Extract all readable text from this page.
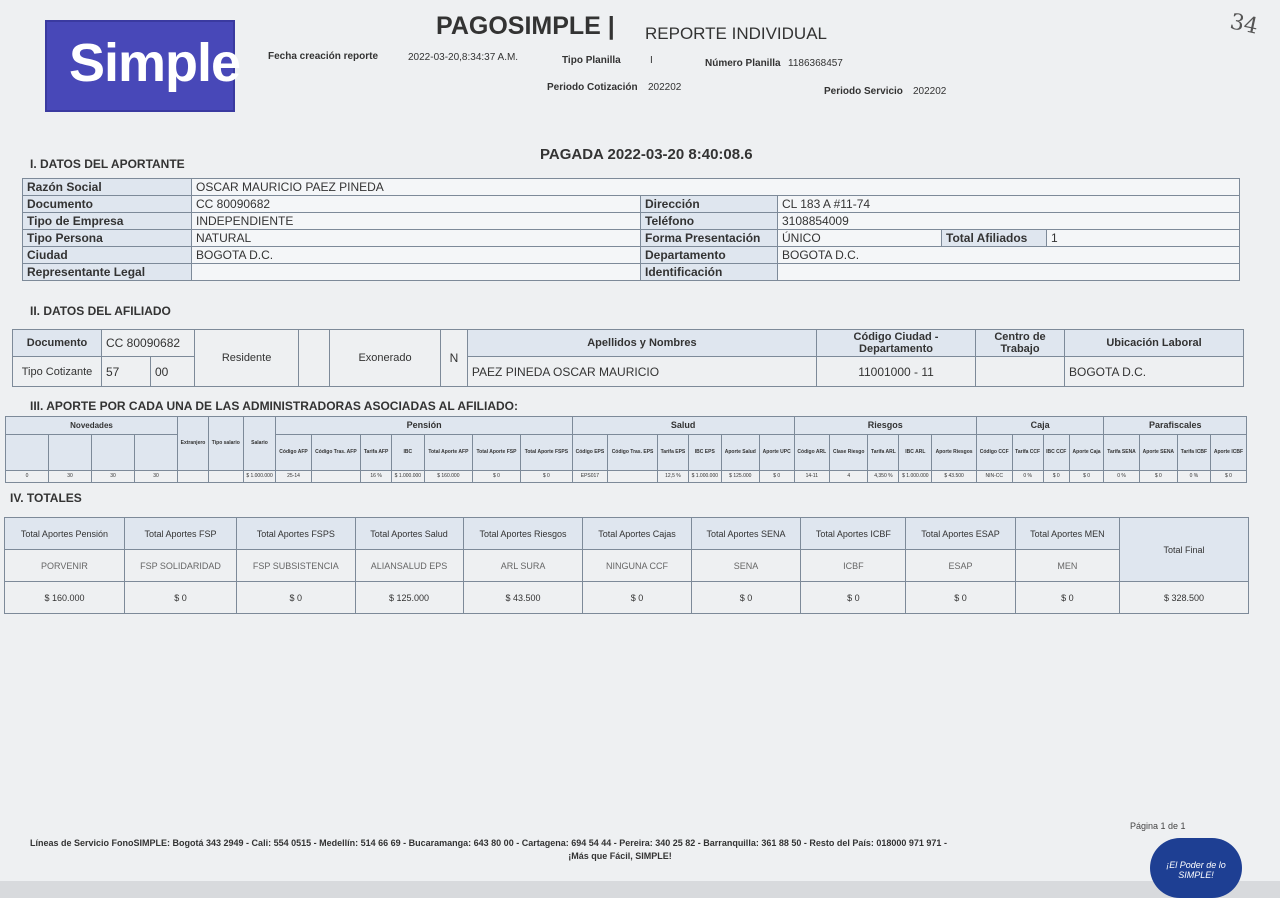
Simple
PAGOSIMPLE | REPORTE INDIVIDUAL	34
Fecha creación reporte	2022-03-20,8:34:37 A.M.	Tipo Planilla	I	Número Planilla 1186368457
Periodo Cotización 202202	Periodo Servicio 202202
PAGADA 2022-03-20 8:40:08.6
I. DATOS DEL APORTANTE
Razón Social	OSCAR MAURICIO PAEZ PINEDA				
Documento	CC 80090682	Dirección	CL 183 A #11-74		
Tipo de Empresa	INDEPENDIENTE	Teléfono	3108854009		
Tipo Persona	NATURAL	Forma Presentación	ÚNICO	Total Afiliados	1
Ciudad	BOGOTA D.C.	Departamento	BOGOTA D.C.		
Representante Legal		Identificación			
II. DATOS DEL AFILIADO
Documento	CC 80090682		Residente		Exonerado	N	Apellidos y Nombres	Código Ciudad - Departamento	Centro de Trabajo	Ubicación Laboral
Tipo Cotizante	57	00					PAEZ PINEDA OSCAR MAURICIO	11001000 - 11		BOGOTA D.C.
III. APORTE POR CADA UNA DE LAS ADMINISTRADORAS ASOCIADAS AL AFILIADO:
Novedades				Extranjero	Tipo salario	Salario	Pensión							Salud						Riesgos					Caja				Parafiscales			
							Código AFP	Código Tras. AFP	Tarifa AFP	IBC	Total Aporte AFP	Total Aporte FSP	Total Aporte FSPS	Código EPS	Código Tras. EPS	Tarifa EPS	IBC EPS	Aporte Salud	Aporte UPC	Código ARL	Clase Riesgo	Tarifa ARL	IBC ARL	Aporte Riesgos	Código CCF	Tarifa CCF	IBC CCF	Aporte Caja	Tarifa SENA	Aporte SENA	Tarifa ICBF	Aporte ICBF
0	30	30	30			$ 1.000.000	25-14		16 %	$ 1.000.000	$ 160.000	$ 0	$ 0	EPS017		12,5 %	$ 1.000.000	$ 125.000	$ 0	14-11	4	4,350 %	$ 1.000.000	$ 43.500	NIN-CC	0 %	$ 0	$ 0	0 %	$ 0	0 %	$ 0
IV. TOTALES
Total Aportes Pensión	Total Aportes FSP	Total Aportes FSPS	Total Aportes Salud	Total Aportes Riesgos	Total Aportes Cajas	Total Aportes SENA	Total Aportes ICBF	Total Aportes ESAP	Total Aportes MEN	Total Final
PORVENIR	FSP SOLIDARIDAD	FSP SUBSISTENCIA	ALIANSALUD EPS	ARL SURA	NINGUNA CCF	SENA	ICBF	ESAP	MEN	
$ 160.000	$ 0	$ 0	$ 125.000	$ 43.500	$ 0	$ 0	$ 0	$ 0	$ 0	$ 328.500
Página 1 de 1
Líneas de Servicio FonoSIMPLE: Bogotá 343 2949 - Cali: 554 0515 - Medellín: 514 66 69 - Bucaramanga: 643 80 00 - Cartagena: 694 54 44 - Pereira: 340 25 82 - Barranquilla: 361 88 50 - Resto del País: 018000 971 971 -
¡Más que Fácil, SIMPLE!
¡El Poder de lo SIMPLE!
